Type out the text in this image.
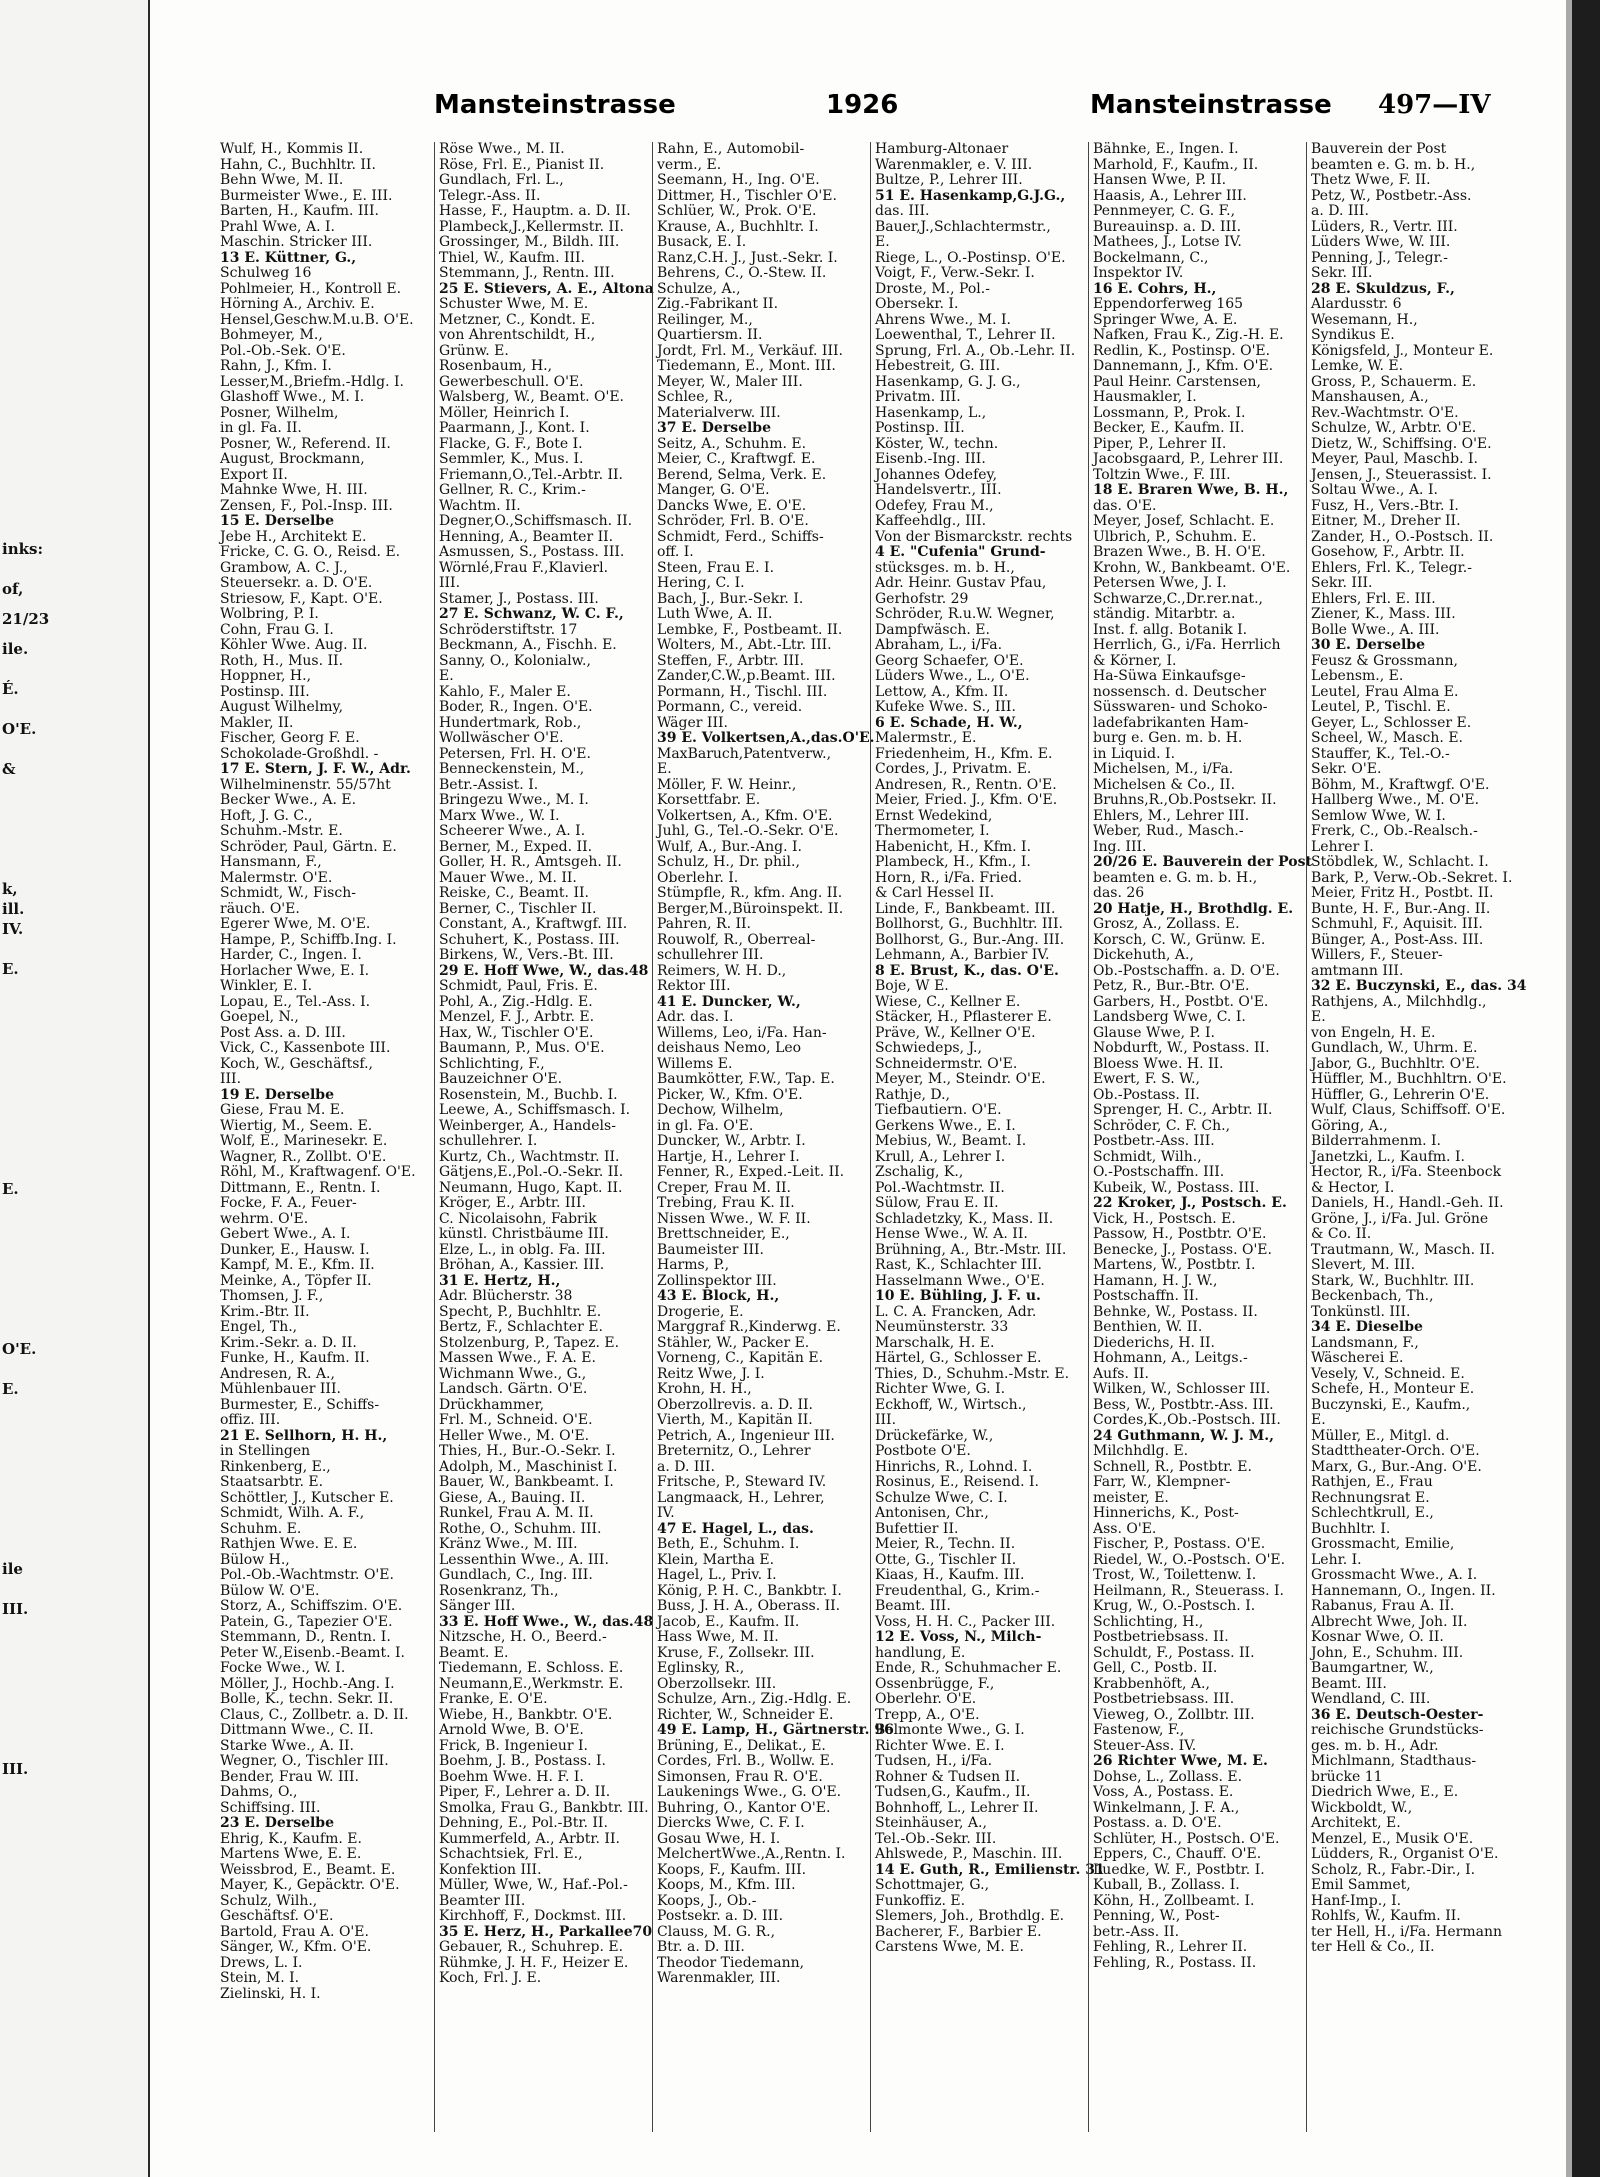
inks:
of,
21/23
ile.
É.
O'E.
&
k,
ill.
IV.
E.
E.
O'E.
E.
ile
III.
III.
Mansteinstrasse	1926	Mansteinstrasse 497—IV
Wulf, H., Kommis II.
Hahn, C., Buchhltr. II.
Behn Wwe, M. II.
Burmeister Wwe., E. III.
Barten, H., Kaufm. III.
Prahl Wwe, A. I.
Maschin. Stricker III.
13 E. Küttner, G.,
Schulweg 16
Pohlmeier, H., Kontroll E.
Hörning A., Archiv. E.
Hensel,Geschw.M.u.B. O'E.
Bohmeyer, M.,
Pol.-Ob.-Sek. O'E.
Rahn, J., Kfm. I.
Lesser,M.,Briefm.-Hdlg. I.
Glashoff Wwe., M. I.
Posner, Wilhelm,
in gl. Fa. II.
Posner, W., Referend. II.
August, Brockmann,
Export II.
Mahnke Wwe, H. III.
Zensen, F., Pol.-Insp. III.
15 E. Derselbe
Jebe H., Architekt E.
Fricke, C. G. O., Reisd. E.
Grambow, A. C. J.,
Steuersekr. a. D. O'E.
Striesow, F., Kapt. O'E.
Wolbring, P. I.
Cohn, Frau G. I.
Köhler Wwe. Aug. II.
Roth, H., Mus. II.
Hoppner, H.,
Postinsp. III.
August Wilhelmy,
Makler, II.
Fischer, Georg F. E.
Schokolade-Großhdl. -
17 E. Stern, J. F. W., Adr.
Wilhelminenstr. 55/57ht
Becker Wwe., A. E.
Hoft, J. G. C.,
Schuhm.-Mstr. E.
Schröder, Paul, Gärtn. E.
Hansmann, F.,
Malermstr. O'E.
Schmidt, W., Fisch-
räuch. O'E.
Egerer Wwe, M. O'E.
Hampe, P., Schiffb.Ing. I.
Harder, C., Ingen. I.
Horlacher Wwe, E. I.
Winkler, E. I.
Lopau, E., Tel.-Ass. I.
Goepel, N.,
Post Ass. a. D. III.
Vick, C., Kassenbote III.
Koch, W., Geschäftsf.,
III.
19 E. Derselbe
Giese, Frau M. E.
Wiertig, M., Seem. E.
Wolf, E., Marinesekr. E.
Wagner, R., Zollbt. O'E.
Röhl, M., Kraftwagenf. O'E.
Dittmann, E., Rentn. I.
Focke, F. A., Feuer-
wehrm. O'E.
Gebert Wwe., A. I.
Dunker, E., Hausw. I.
Kampf, M. E., Kfm. II.
Meinke, A., Töpfer II.
Thomsen, J. F.,
Krim.-Btr. II.
Engel, Th.,
Krim.-Sekr. a. D. II.
Funke, H., Kaufm. II.
Andresen, R. A.,
Mühlenbauer III.
Burmester, E., Schiffs-
offiz. III.
21 E. Sellhorn, H. H.,
in Stellingen
Rinkenberg, E.,
Staatsarbtr. E.
Schöttler, J., Kutscher E.
Schmidt, Wilh. A. F.,
Schuhm. E.
Rathjen Wwe. E. E.
Bülow H.,
Pol.-Ob.-Wachtmstr. O'E.
Bülow W. O'E.
Storz, A., Schiffszim. O'E.
Patein, G., Tapezier O'E.
Stemmann, D., Rentn. I.
Peter W.,Eisenb.-Beamt. I.
Focke Wwe., W. I.
Möller, J., Hochb.-Ang. I.
Bolle, K., techn. Sekr. II.
Claus, C., Zollbetr. a. D. II.
Dittmann Wwe., C. II.
Starke Wwe., A. II.
Wegner, O., Tischler III.
Bender, Frau W. III.
Dahms, O.,
Schiffsing. III.
23 E. Derselbe
Ehrig, K., Kaufm. E.
Martens Wwe, E. E.
Weissbrod, E., Beamt. E.
Mayer, K., Gepäcktr. O'E.
Schulz, Wilh.,
Geschäftsf. O'E.
Bartold, Frau A. O'E.
Sänger, W., Kfm. O'E.
Drews, L. I.
Stein, M. I.
Zielinski, H. I.
Röse Wwe., M. II.
Röse, Frl. E., Pianist II.
Gundlach, Frl. L.,
Telegr.-Ass. II.
Hasse, F., Hauptm. a. D. II.
Plambeck,J.,Kellermstr. II.
Grossinger, M., Bildh. III.
Thiel, W., Kaufm. III.
Stemmann, J., Rentn. III.
25 E. Stievers, A. E., Altona
Schuster Wwe, M. E.
Metzner, C., Kondt. E.
von Ahrentschildt, H.,
Grünw. E.
Rosenbaum, H.,
Gewerbeschull. O'E.
Walsberg, W., Beamt. O'E.
Möller, Heinrich I.
Paarmann, J., Kont. I.
Flacke, G. F., Bote I.
Semmler, K., Mus. I.
Friemann,O.,Tel.-Arbtr. II.
Gellner, R. C., Krim.-
Wachtm. II.
Degner,O.,Schiffsmasch. II.
Henning, A., Beamter II.
Asmussen, S., Postass. III.
Wörnlé,Frau F.,Klavierl.
III.
Stamer, J., Postass. III.
27 E. Schwanz, W. C. F.,
Schröderstiftstr. 17
Beckmann, A., Fischh. E.
Sanny, O., Kolonialw.,
E.
Kahlo, F., Maler E.
Boder, R., Ingen. O'E.
Hundertmark, Rob.,
Wollwäscher O'E.
Petersen, Frl. H. O'E.
Benneckenstein, M.,
Betr.-Assist. I.
Bringezu Wwe., M. I.
Marx Wwe., W. I.
Scheerer Wwe., A. I.
Berner, M., Exped. II.
Goller, H. R., Amtsgeh. II.
Mauer Wwe., M. II.
Reiske, C., Beamt. II.
Berner, C., Tischler II.
Constant, A., Kraftwgf. III.
Schuhert, K., Postass. III.
Birkens, W., Vers.-Bt. III.
29 E. Hoff Wwe, W., das.48
Schmidt, Paul, Fris. E.
Pohl, A., Zig.-Hdlg. E.
Menzel, F. J., Arbtr. E.
Hax, W., Tischler O'E.
Baumann, P., Mus. O'E.
Schlichting, F.,
Bauzeichner O'E.
Rosenstein, M., Buchb. I.
Leewe, A., Schiffsmasch. I.
Weinberger, A., Handels-
schullehrer. I.
Kurtz, Ch., Wachtmstr. II.
Gätjens,E.,Pol.-O.-Sekr. II.
Neumann, Hugo, Kapt. II.
Kröger, E., Arbtr. III.
C. Nicolaisohn, Fabrik
künstl. Christbäume III.
Elze, L., in oblg. Fa. III.
Bröhan, A., Kassier. III.
31 E. Hertz, H.,
Adr. Blücherstr. 38
Specht, P., Buchhltr. E.
Bertz, F., Schlachter E.
Stolzenburg, P., Tapez. E.
Massen Wwe., F. A. E.
Wichmann Wwe., G.,
Landsch. Gärtn. O'E.
Drückhammer,
Frl. M., Schneid. O'E.
Heller Wwe., M. O'E.
Thies, H., Bur.-O.-Sekr. I.
Adolph, M., Maschinist I.
Bauer, W., Bankbeamt. I.
Giese, A., Bauing. II.
Runkel, Frau A. M. II.
Rothe, O., Schuhm. III.
Kränz Wwe., M. III.
Lessenthin Wwe., A. III.
Gundlach, C., Ing. III.
Rosenkranz, Th.,
Sänger III.
33 E. Hoff Wwe., W., das.48
Nitzsche, H. O., Beerd.-
Beamt. E.
Tiedemann, E. Schloss. E.
Neumann,E.,Werkmstr. E.
Franke, E. O'E.
Wiebe, H., Bankbtr. O'E.
Arnold Wwe, B. O'E.
Frick, B. Ingenieur I.
Boehm, J. B., Postass. I.
Boehm Wwe. H. F. I.
Piper, F., Lehrer a. D. II.
Smolka, Frau G., Bankbtr. III.
Dehning, E., Pol.-Btr. II.
Kummerfeld, A., Arbtr. II.
Schachtsiek, Frl. E.,
Konfektion III.
Müller, Wwe, W., Haf.-Pol.-
Beamter III.
Kirchhoff, F., Dockmst. III.
35 E. Herz, H., Parkallee70
Gebauer, R., Schuhrep. E.
Rühmke, J. H. F., Heizer E.
Koch, Frl. J. E.
Rahn, E., Automobil-
verm., E.
Seemann, H., Ing. O'E.
Dittmer, H., Tischler O'E.
Schlüer, W., Prok. O'E.
Krause, A., Buchhltr. I.
Busack, E. I.
Ranz,C.H. J., Just.-Sekr. I.
Behrens, C., O.-Stew. II.
Schulze, A.,
Zig.-Fabrikant II.
Reilinger, M.,
Quartiersm. II.
Jordt, Frl. M., Verkäuf. III.
Tiedemann, E., Mont. III.
Meyer, W., Maler III.
Schlee, R.,
Materialverw. III.
37 E. Derselbe
Seitz, A., Schuhm. E.
Meier, C., Kraftwgf. E.
Berend, Selma, Verk. E.
Manger, G. O'E.
Dancks Wwe, E. O'E.
Schröder, Frl. B. O'E.
Schmidt, Ferd., Schiffs-
off. I.
Steen, Frau E. I.
Hering, C. I.
Bach, J., Bur.-Sekr. I.
Luth Wwe, A. II.
Lembke, F., Postbeamt. II.
Wolters, M., Abt.-Ltr. III.
Steffen, F., Arbtr. III.
Zander,C.W.,p.Beamt. III.
Pormann, H., Tischl. III.
Pormann, C., vereid.
Wäger III.
39 E. Volkertsen,A.,das.O'E.
MaxBaruch,Patentverw.,
E.
Möller, F. W. Heinr.,
Korsettfabr. E.
Volkertsen, A., Kfm. O'E.
Juhl, G., Tel.-O.-Sekr. O'E.
Wulf, A., Bur.-Ang. I.
Schulz, H., Dr. phil.,
Oberlehr. I.
Stümpfle, R., kfm. Ang. II.
Berger,M.,Büroinspekt. II.
Pahren, R. II.
Rouwolf, R., Oberreal-
schullehrer III.
Reimers, W. H. D.,
Rektor III.
41 E. Duncker, W.,
Adr. das. I.
Willems, Leo, i/Fa. Han-
deishaus Nemo, Leo
Willems E.
Baumkötter, F.W., Tap. E.
Picker, W., Kfm. O'E.
Dechow, Wilhelm,
in gl. Fa. O'E.
Duncker, W., Arbtr. I.
Hartje, H., Lehrer I.
Fenner, R., Exped.-Leit. II.
Creper, Frau M. II.
Trebing, Frau K. II.
Nissen Wwe., W. F. II.
Brettschneider, E.,
Baumeister III.
Harms, P.,
Zollinspektor III.
43 E. Block, H.,
Drogerie, E.
Marggraf R.,Kinderwg. E.
Stähler, W., Packer E.
Vorneng, C., Kapitän E.
Reitz Wwe, J. I.
Krohn, H. H.,
Oberzollrevis. a. D. II.
Vierth, M., Kapitän II.
Petrich, A., Ingenieur III.
Breternitz, O., Lehrer
a. D. III.
Fritsche, P., Steward IV.
Langmaack, H., Lehrer,
IV.
47 E. Hagel, L., das.
Beth, E., Schuhm. I.
Klein, Martha E.
Hagel, L., Priv. I.
König, P. H. C., Bankbtr. I.
Buss, J. H. A., Oberass. II.
Jacob, E., Kaufm. II.
Hass Wwe, M. II.
Kruse, F., Zollsekr. III.
Eglinsky, R.,
Oberzollsekr. III.
Schulze, Arn., Zig.-Hdlg. E.
Richter, W., Schneider E.
49 E. Lamp, H., Gärtnerstr. 96
Brüning, E., Delikat., E.
Cordes, Frl. B., Wollw. E.
Simonsen, Frau R. O'E.
Laukenings Wwe., G. O'E.
Buhring, O., Kantor O'E.
Diercks Wwe, C. F. I.
Gosau Wwe, H. I.
MelchertWwe.,A.,Rentn. I.
Koops, F., Kaufm. III.
Koops, M., Kfm. III.
Koops, J., Ob.-
Postsekr. a. D. III.
Clauss, M. G. R.,
Btr. a. D. III.
Theodor Tiedemann,
Warenmakler, III.
Hamburg-Altonaer
Warenmakler, e. V. III.
Bultze, P., Lehrer III.
51 E. Hasenkamp,G.J.G.,
das. III.
Bauer,J.,Schlachtermstr.,
E.
Riege, L., O.-Postinsp. O'E.
Voigt, F., Verw.-Sekr. I.
Droste, M., Pol.-
Obersekr. I.
Ahrens Wwe., M. I.
Loewenthal, T., Lehrer II.
Sprung, Frl. A., Ob.-Lehr. II.
Hebestreit, G. III.
Hasenkamp, G. J. G.,
Privatm. III.
Hasenkamp, L.,
Postinsp. III.
Köster, W., techn.
Eisenb.-Ing. III.
Johannes Odefey,
Handelsvertr., III.
Odefey, Frau M.,
Kaffeehdlg., III.
Von der Bismarckstr. rechts
4 E. "Cufenia" Grund-
stücksges. m. b. H.,
Adr. Heinr. Gustav Pfau,
Gerhofstr. 29
Schröder, R.u.W. Wegner,
Dampfwäsch. E.
Abraham, L., i/Fa.
Georg Schaefer, O'E.
Lüders Wwe., L., O'E.
Lettow, A., Kfm. II.
Kufeke Wwe. S., III.
6 E. Schade, H. W.,
Malermstr., E.
Friedenheim, H., Kfm. E.
Cordes, J., Privatm. E.
Andresen, R., Rentn. O'E.
Meier, Fried. J., Kfm. O'E.
Ernst Wedekind,
Thermometer, I.
Habenicht, H., Kfm. I.
Plambeck, H., Kfm., I.
Horn, R., i/Fa. Fried.
& Carl Hessel II.
Linde, F., Bankbeamt. III.
Bollhorst, G., Buchhltr. III.
Bollhorst, G., Bur.-Ang. III.
Lehmann, A., Barbier IV.
8 E. Brust, K., das. O'E.
Boje, W E.
Wiese, C., Kellner E.
Stäcker, H., Pflasterer E.
Präve, W., Kellner O'E.
Schwiedeps, J.,
Schneidermstr. O'E.
Meyer, M., Steindr. O'E.
Rathje, D.,
Tiefbautiern. O'E.
Gerkens Wwe., E. I.
Mebius, W., Beamt. I.
Krull, A., Lehrer I.
Zschalig, K.,
Pol.-Wachtmstr. II.
Sülow, Frau E. II.
Schladetzky, K., Mass. II.
Hense Wwe., W. A. II.
Brühning, A., Btr.-Mstr. III.
Rast, K., Schlachter III.
Hasselmann Wwe., O'E.
10 E. Bühling, J. F. u.
L. C. A. Francken, Adr.
Neumünsterstr. 33
Marschalk, H. E.
Härtel, G., Schlosser E.
Thies, D., Schuhm.-Mstr. E.
Richter Wwe, G. I.
Eckhoff, W., Wirtsch.,
III.
Drückefärke, W.,
Postbote O'E.
Hinrichs, R., Lohnd. I.
Rosinus, E., Reisend. I.
Schulze Wwe, C. I.
Antonisen, Chr.,
Bufettier II.
Meier, R., Techn. II.
Otte, G., Tischler II.
Kiaas, H., Kaufm. III.
Freudenthal, G., Krim.-
Beamt. III.
Voss, H. H. C., Packer III.
12 E. Voss, N., Milch-
handlung, E.
Ende, R., Schuhmacher E.
Ossenbrügge, F.,
Oberlehr. O'E.
Trepp, A., O'E.
Belmonte Wwe., G. I.
Richter Wwe. E. I.
Tudsen, H., i/Fa.
Rohner & Tudsen II.
Tudsen,G., Kaufm., II.
Bohnhoff, L., Lehrer II.
Steinhäuser, A.,
Tel.-Ob.-Sekr. III.
Ahlswede, P., Maschin. III.
14 E. Guth, R., Emilienstr. 31
Schottmajer, G.,
Funkoffiz. E.
Slemers, Joh., Brothdlg. E.
Bacherer, F., Barbier E.
Carstens Wwe, M. E.
Bähnke, E., Ingen. I.
Marhold, F., Kaufm., II.
Hansen Wwe, P. II.
Haasis, A., Lehrer III.
Pennmeyer, C. G. F.,
Bureauinsp. a. D. III.
Mathees, J., Lotse IV.
Bockelmann, C.,
Inspektor IV.
16 E. Cohrs, H.,
Eppendorferweg 165
Springer Wwe, A. E.
Nafken, Frau K., Zig.-H. E.
Redlin, K., Postinsp. O'E.
Dannemann, J., Kfm. O'E.
Paul Heinr. Carstensen,
Hausmakler, I.
Lossmann, P., Prok. I.
Becker, E., Kaufm. II.
Piper, P., Lehrer II.
Jacobsgaard, P., Lehrer III.
Toltzin Wwe., F. III.
18 E. Braren Wwe, B. H.,
das. O'E.
Meyer, Josef, Schlacht. E.
Ulbrich, P., Schuhm. E.
Brazen Wwe., B. H. O'E.
Krohn, W., Bankbeamt. O'E.
Petersen Wwe, J. I.
Schwarze,C.,Dr.rer.nat.,
ständig. Mitarbtr. a.
Inst. f. allg. Botanik I.
Herrlich, G., i/Fa. Herrlich
& Körner, I.
Ha-Süwa Einkaufsge-
nossensch. d. Deutscher
Süsswaren- und Schoko-
ladefabrikanten Ham-
burg e. Gen. m. b. H.
in Liquid. I.
Michelsen, M., i/Fa.
Michelsen & Co., II.
Bruhns,R.,Ob.Postsekr. II.
Ehlers, M., Lehrer III.
Weber, Rud., Masch.-
Ing. III.
20/26 E. Bauverein der Post
beamten e. G. m. b. H.,
das. 26
20 Hatje, H., Brothdlg. E.
Grosz, A., Zollass. E.
Korsch, C. W., Grünw. E.
Dickehuth, A.,
Ob.-Postschaffn. a. D. O'E.
Petz, R., Bur.-Btr. O'E.
Garbers, H., Postbt. O'E.
Landsberg Wwe, C. I.
Glause Wwe, P. I.
Nobdurft, W., Postass. II.
Bloess Wwe. H. II.
Ewert, F. S. W.,
Ob.-Postass. II.
Sprenger, H. C., Arbtr. II.
Schröder, C. F. Ch.,
Postbetr.-Ass. III.
Schmidt, Wilh.,
O.-Postschaffn. III.
Kubeik, W., Postass. III.
22 Kroker, J., Postsch. E.
Vick, H., Postsch. E.
Passow, H., Postbtr. O'E.
Benecke, J., Postass. O'E.
Martens, W., Postbtr. I.
Hamann, H. J. W.,
Postschaffn. II.
Behnke, W., Postass. II.
Benthien, W. II.
Diederichs, H. II.
Hohmann, A., Leitgs.-
Aufs. II.
Wilken, W., Schlosser III.
Bess, W., Postbtr.-Ass. III.
Cordes,K.,Ob.-Postsch. III.
24 Guthmann, W. J. M.,
Milchhdlg. E.
Schnell, R., Postbtr. E.
Farr, W., Klempner-
meister, E.
Hinnerichs, K., Post-
Ass. O'E.
Fischer, P., Postass. O'E.
Riedel, W., O.-Postsch. O'E.
Trost, W., Toilettenw. I.
Heilmann, R., Steuerass. I.
Krug, W., O.-Postsch. I.
Schlichting, H.,
Postbetriebsass. II.
Schuldt, F., Postass. II.
Gell, C., Postb. II.
Krabbenhöft, A.,
Postbetriebsass. III.
Vieweg, O., Zollbtr. III.
Fastenow, F.,
Steuer-Ass. IV.
26 Richter Wwe, M. E.
Dohse, L., Zollass. E.
Voss, A., Postass. E.
Winkelmann, J. F. A.,
Postass. a. D. O'E.
Schlüter, H., Postsch. O'E.
Eppers, C., Chauff. O'E.
Luedke, W. F., Postbtr. I.
Kuball, B., Zollass. I.
Köhn, H., Zollbeamt. I.
Penning, W., Post-
betr.-Ass. II.
Fehling, R., Lehrer II.
Fehling, R., Postass. II.
Bauverein der Post
beamten e. G. m. b. H.,
Thetz Wwe, F. II.
Petz, W., Postbetr.-Ass.
a. D. III.
Lüders, R., Vertr. III.
Lüders Wwe, W. III.
Penning, J., Telegr.-
Sekr. III.
28 E. Skuldzus, F.,
Alardusstr. 6
Wesemann, H.,
Syndikus E.
Königsfeld, J., Monteur E.
Lemke, W. E.
Gross, P., Schauerm. E.
Manshausen, A.,
Rev.-Wachtmstr. O'E.
Schulze, W., Arbtr. O'E.
Dietz, W., Schiffsing. O'E.
Meyer, Paul, Maschb. I.
Jensen, J., Steuerassist. I.
Soltau Wwe., A. I.
Fusz, H., Vers.-Btr. I.
Eitner, M., Dreher II.
Zander, H., O.-Postsch. II.
Gosehow, F., Arbtr. II.
Ehlers, Frl. K., Telegr.-
Sekr. III.
Ehlers, Frl. E. III.
Ziener, K., Mass. III.
Bolle Wwe., A. III.
30 E. Derselbe
Feusz & Grossmann,
Lebensm., E.
Leutel, Frau Alma E.
Leutel, P., Tischl. E.
Geyer, L., Schlosser E.
Scheel, W., Masch. E.
Stauffer, K., Tel.-O.-
Sekr. O'E.
Böhm, M., Kraftwgf. O'E.
Hallberg Wwe., M. O'E.
Semlow Wwe, W. I.
Frerk, C., Ob.-Realsch.-
Lehrer I.
Stöbdlek, W., Schlacht. I.
Bark, P., Verw.-Ob.-Sekret. I.
Meier, Fritz H., Postbt. II.
Bunte, H. F., Bur.-Ang. II.
Schmuhl, F., Aquisit. III.
Bünger, A., Post-Ass. III.
Willers, F., Steuer-
amtmann III.
32 E. Buczynski, E., das. 34
Rathjens, A., Milchhdlg.,
E.
von Engeln, H. E.
Gundlach, W., Uhrm. E.
Jabor, G., Buchhltr. O'E.
Hüffler, M., Buchhltrn. O'E.
Hüffler, G., Lehrerin O'E.
Wulf, Claus, Schiffsoff. O'E.
Göring, A.,
Bilderrahmenm. I.
Janetzki, L., Kaufm. I.
Hector, R., i/Fa. Steenbock
& Hector, I.
Daniels, H., Handl.-Geh. II.
Gröne, J., i/Fa. Jul. Gröne
& Co. II.
Trautmann, W., Masch. II.
Slevert, M. III.
Stark, W., Buchhltr. III.
Beckenbach, Th.,
Tonkünstl. III.
34 E. Dieselbe
Landsmann, F.,
Wäscherei E.
Vesely, V., Schneid. E.
Schefe, H., Monteur E.
Buczynski, E., Kaufm.,
E.
Müller, E., Mitgl. d.
Stadttheater-Orch. O'E.
Marx, G., Bur.-Ang. O'E.
Rathjen, E., Frau
Rechnungsrat E.
Schlechtkrull, E.,
Buchhltr. I.
Grossmacht, Emilie,
Lehr. I.
Grossmacht Wwe., A. I.
Hannemann, O., Ingen. II.
Rabanus, Frau A. II.
Albrecht Wwe, Joh. II.
Kosnar Wwe, O. II.
John, E., Schuhm. III.
Baumgartner, W.,
Beamt. III.
Wendland, C. III.
36 E. Deutsch-Oester-
reichische Grundstücks-
ges. m. b. H., Adr.
Michlmann, Stadthaus-
brücke 11
Diedrich Wwe, E., E.
Wickboldt, W.,
Architekt, E.
Menzel, E., Musik O'E.
Lüdders, R., Organist O'E.
Scholz, R., Fabr.-Dir., I.
Emil Sammet,
Hanf-Imp., I.
Rohlfs, W., Kaufm. II.
ter Hell, H., i/Fa. Hermann
ter Hell & Co., II.
